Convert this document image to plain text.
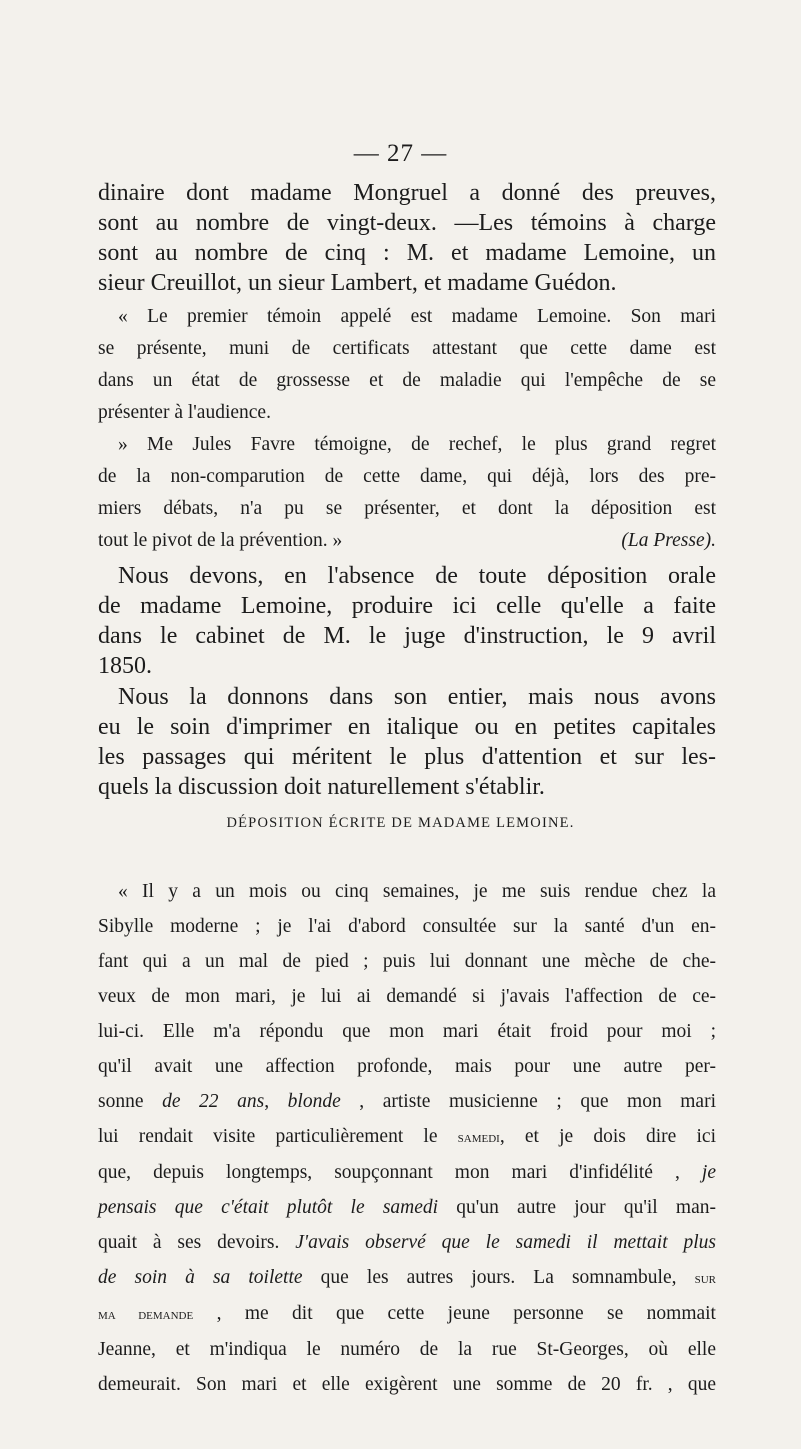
— 27 —
dinaire dont madame Mongruel a donné des preuves,
sont au nombre de vingt-deux. —Les témoins à charge
sont au nombre de cinq : M. et madame Lemoine, un
sieur Creuillot, un sieur Lambert, et madame Guédon.
« Le premier témoin appelé est madame Lemoine. Son mari
se présente, muni de certificats attestant que cette dame est
dans un état de grossesse et de maladie qui l'empêche de se
présenter à l'audience.
» Me Jules Favre témoigne, de rechef, le plus grand regret
de la non-comparution de cette dame, qui déjà, lors des pre-
miers débats, n'a pu se présenter, et dont la déposition est
tout le pivot de la prévention. »	(La Presse).
Nous devons, en l'absence de toute déposition orale
de madame Lemoine, produire ici celle qu'elle a faite
dans le cabinet de M. le juge d'instruction, le 9 avril
1850.
Nous la donnons dans son entier, mais nous avons
eu le soin d'imprimer en italique ou en petites capitales
les passages qui méritent le plus d'attention et sur les-
quels la discussion doit naturellement s'établir.
DÉPOSITION ÉCRITE DE MADAME LEMOINE.
« Il y a un mois ou cinq semaines, je me suis rendue chez la
Sibylle moderne ; je l'ai d'abord consultée sur la santé d'un en-
fant qui a un mal de pied ; puis lui donnant une mèche de che-
veux de mon mari, je lui ai demandé si j'avais l'affection de ce-
lui-ci. Elle m'a répondu que mon mari était froid pour moi ;
qu'il avait une affection profonde, mais pour une autre per-
sonne de 22 ans, blonde , artiste musicienne ; que mon mari
lui rendait visite particulièrement le samedi, et je dois dire ici
que, depuis longtemps, soupçonnant mon mari d'infidélité , je
pensais que c'était plutôt le samedi qu'un autre jour qu'il man-
quait à ses devoirs. J'avais observé que le samedi il mettait plus
de soin à sa toilette que les autres jours. La somnambule, sur
ma demande , me dit que cette jeune personne se nommait
Jeanne, et m'indiqua le numéro de la rue St-Georges, où elle
demeurait. Son mari et elle exigèrent une somme de 20 fr. , que
